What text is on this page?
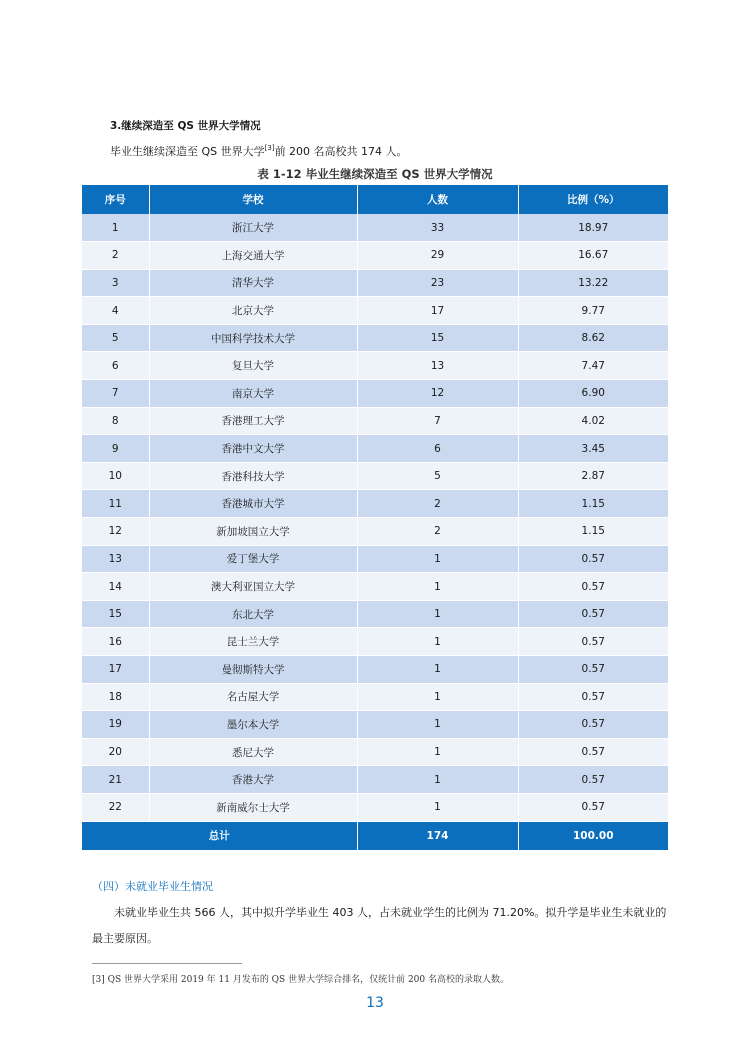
3.继续深造至 QS 世界大学情况
毕业生继续深造至 QS 世界大学[3]前 200 名高校共 174 人。
表 1-12 毕业生继续深造至 QS 世界大学情况
序号	学校	人数	比例（%）
1	浙江大学	33	18.97
2	上海交通大学	29	16.67
3	清华大学	23	13.22
4	北京大学	17	9.77
5	中国科学技术大学	15	8.62
6	复旦大学	13	7.47
7	南京大学	12	6.90
8	香港理工大学	7	4.02
9	香港中文大学	6	3.45
10	香港科技大学	5	2.87
11	香港城市大学	2	1.15
12	新加坡国立大学	2	1.15
13	爱丁堡大学	1	0.57
14	澳大利亚国立大学	1	0.57
15	东北大学	1	0.57
16	昆士兰大学	1	0.57
17	曼彻斯特大学	1	0.57
18	名古屋大学	1	0.57
19	墨尔本大学	1	0.57
20	悉尼大学	1	0.57
21	香港大学	1	0.57
22	新南威尔士大学	1	0.57
总计		174	100.00
（四）未就业毕业生情况
未就业毕业生共 566 人，其中拟升学毕业生 403 人，占未就业学生的比例为 71.20%。拟升学是毕业生未就业的最主要原因。
[3] QS 世界大学采用 2019 年 11 月发布的 QS 世界大学综合排名，仅统计前 200 名高校的录取人数。
13
